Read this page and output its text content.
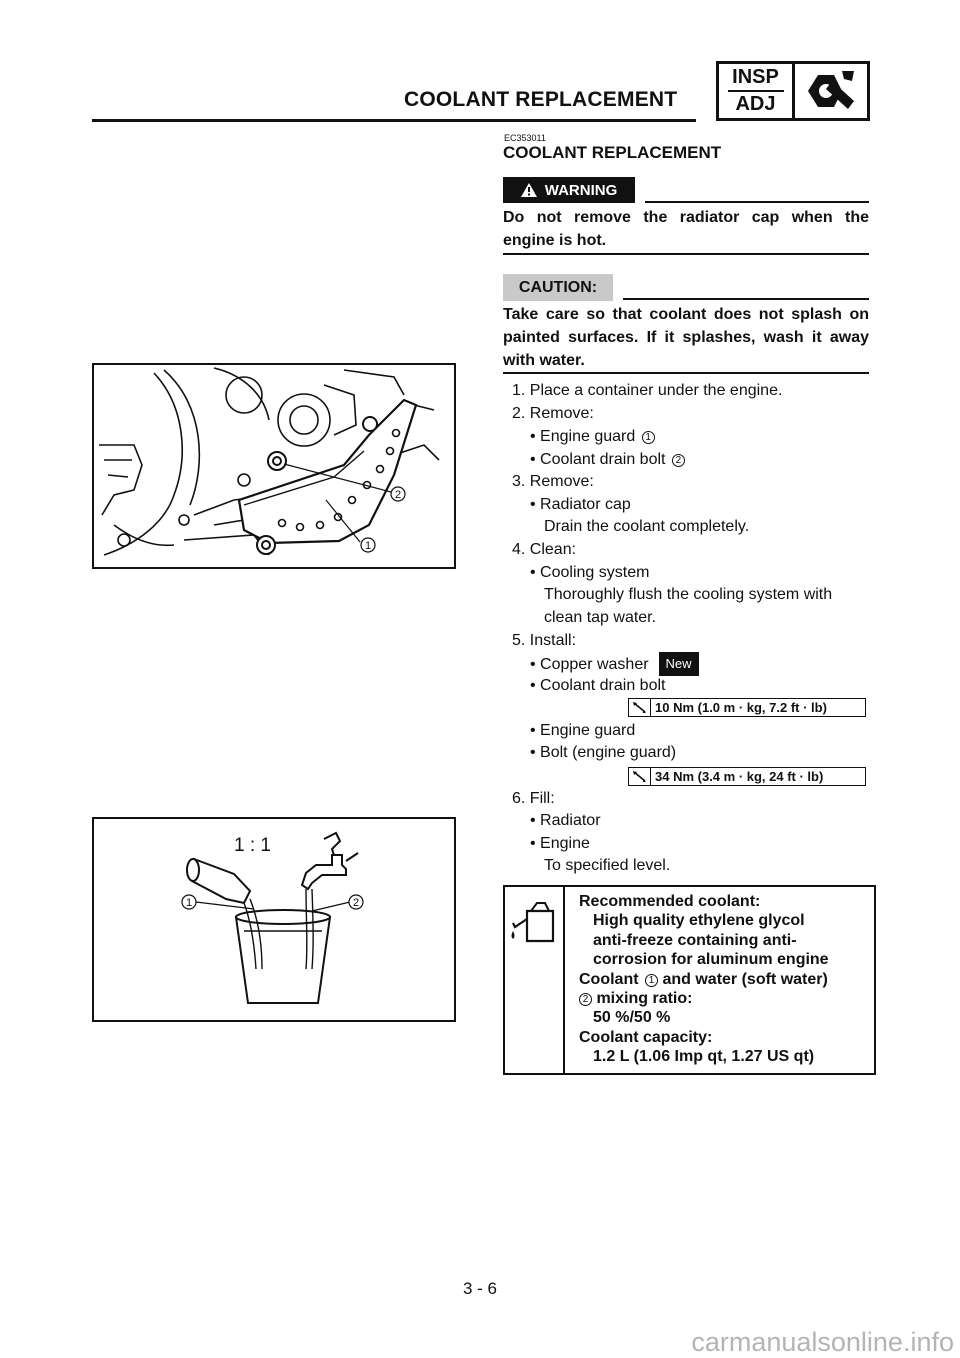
COOLANT REPLACEMENT
INSP
ADJ
EC353011
COOLANT REPLACEMENT
WARNING
Do not remove the radiator cap when the engine is hot.
CAUTION:
Take care so that coolant does not splash on painted surfaces. If it splashes, wash it away with water.
2
1
1. Place a container under the engine.
2. Remove:
• Engine guard 1
• Coolant drain bolt 2
3. Remove:
• Radiator cap
Drain the coolant completely.
4. Clean:
• Cooling system
Thoroughly flush the cooling system with
clean tap water.
5. Install:
• Copper washer New
• Coolant drain bolt
10 Nm (1.0 m · kg, 7.2 ft · lb)
• Engine guard
• Bolt (engine guard)
34 Nm (3.4 m · kg, 24 ft · lb)
6. Fill:
• Radiator
• Engine
To specified level.
1 : 1
1	2	Recommended coolant:
High quality ethylene glycol
anti-freeze containing anti-
corrosion for aluminum engine
Coolant 1 and water (soft water)
2 mixing ratio:
50 %/50 %
Coolant capacity:
1.2 L (1.06 Imp qt, 1.27 US qt)
3 - 6
carmanualsonline.info
